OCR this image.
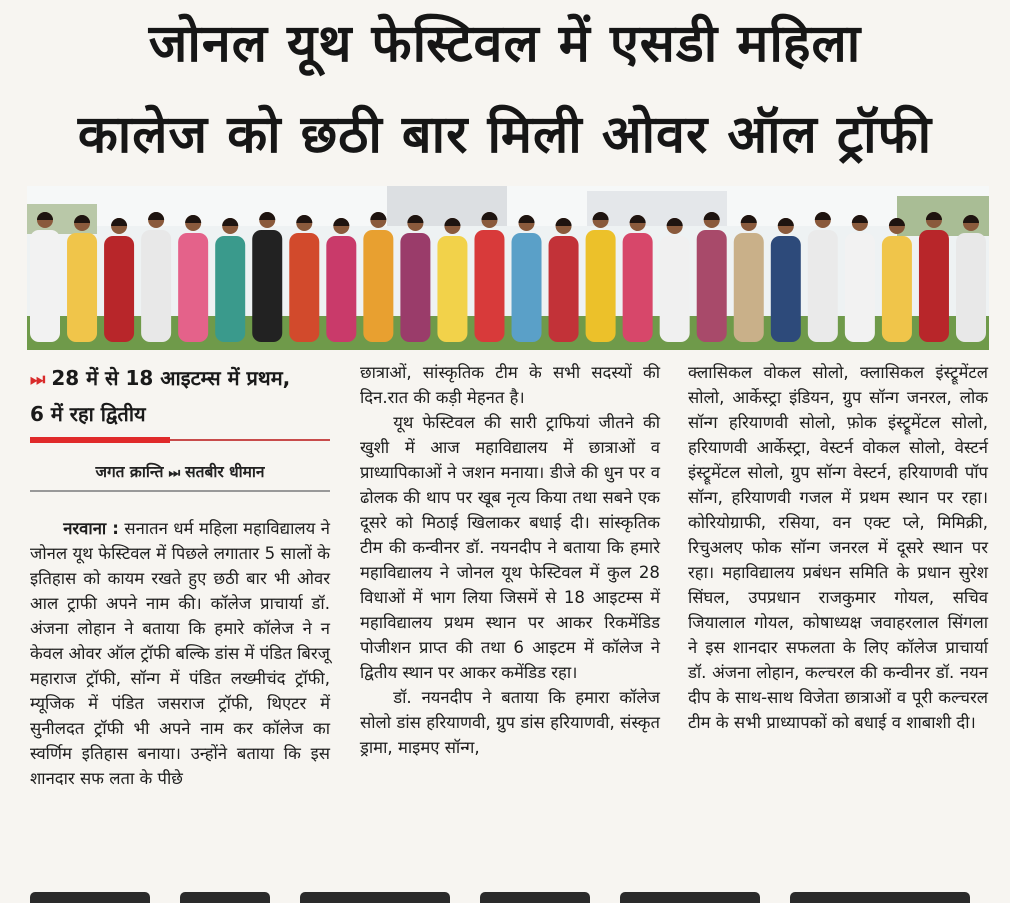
जोनल यूथ फेस्टिवल में एसडी महिला
कालेज को छठी बार मिली ओवर ऑल ट्रॉफी
⏭ 28 में से 18 आइटम्स में प्रथम,
6 में रहा द्वितीय
जगत क्रान्ति ⏭ सतबीर धीमान

नरवाना : सनातन धर्म महिला महाविद्यालय ने जोनल यूथ फेस्टिवल में पिछले लगातार 5 सालों के इतिहास को कायम रखते हुए छठी बार भी ओवर आल ट्राफी अपने नाम की। कॉलेज प्राचार्या डॉ. अंजना लोहान ने बताया कि हमारे कॉलेज ने न केवल ओवर ऑल ट्रॉफी बल्कि डांस में पंडित बिरजू महाराज ट्रॉफी, सॉन्ग में पंडित लख्मीचंद ट्रॉफी, म्यूजिक में पंडित जसराज ट्रॉफी, थिएटर में सुनीलदत ट्रॉफी भी अपने नाम कर कॉलेज का स्वर्णिम इतिहास बनाया। उन्होंने बताया कि इस शानदार सफ लता के पीछे

छात्राओं, सांस्कृतिक टीम के सभी सदस्यों की दिन.रात की कड़ी मेहनत है।

यूथ फेस्टिवल की सारी ट्राफियां जीतने की खुशी में आज महाविद्यालय में छात्राओं व प्राध्यापिकाओं ने जशन मनाया। डीजे की धुन पर व ढोलक की थाप पर खूब नृत्य किया तथा सबने एक दूसरे को मिठाई खिलाकर बधाई दी। सांस्कृतिक टीम की कन्वीनर डॉ. नयनदीप ने बताया कि हमारे महाविद्यालय ने जोनल यूथ फेस्टिवल में कुल 28 विधाओं में भाग लिया जिसमें से 18 आइटम्स में महाविद्यालय प्रथम स्थान पर आकर रिकमेंडिड पोजीशन प्राप्त की तथा 6 आइटम में कॉलेज ने द्वितीय स्थान पर आकर कमेंडिड रहा।

डॉ. नयनदीप ने बताया कि हमारा कॉलेज सोलो डांस हरियाणवी, ग्रुप डांस हरियाणवी, संस्कृत ड्रामा, माइमए सॉन्ग,

क्लासिकल वोकल सोलो, क्लासिकल इंस्ट्रूमेंटल सोलो, आर्केस्ट्रा इंडियन, ग्रुप सॉन्ग जनरल, लोक सॉन्ग हरियाणवी सोलो, फ़ोक इंस्ट्रूमेंटल सोलो, हरियाणवी आर्केस्ट्रा, वेस्टर्न वोकल सोलो, वेस्टर्न इंस्ट्रूमेंटल सोलो, ग्रुप सॉन्ग वेस्टर्न, हरियाणवी पॉप सॉन्ग, हरियाणवी गजल में प्रथम स्थान पर रहा। कोरियोग्राफी, रसिया, वन एक्ट प्ले, मिमिक्री, रिचुअलए फोक सॉन्ग जनरल में दूसरे स्थान पर रहा। महाविद्यालय प्रबंधन समिति के प्रधान सुरेश सिंघल, उपप्रधान राजकुमार गोयल, सचिव जियालाल गोयल, कोषाध्यक्ष जवाहरलाल सिंगला ने इस शानदार सफलता के लिए कॉलेज प्राचार्या डॉ. अंजना लोहान, कल्चरल की कन्वीनर डॉ. नयन दीप के साथ-साथ विजेता छात्राओं व पूरी कल्चरल टीम के सभी प्राध्यापकों को बधाई व शाबाशी दी।
